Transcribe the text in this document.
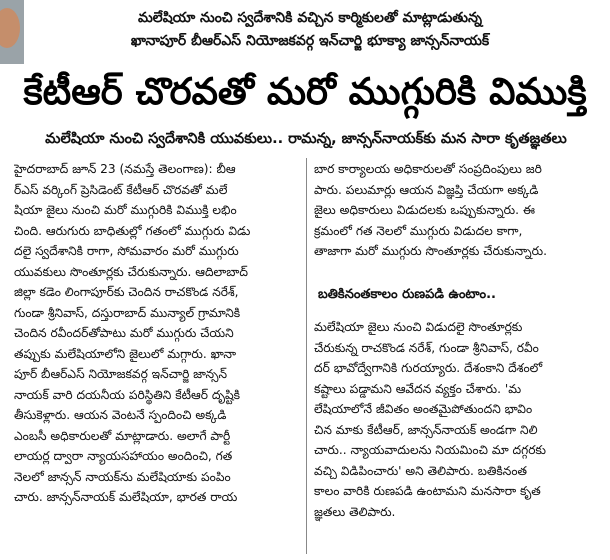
మలేషియా నుంచి స్వదేశానికి వచ్చిన కార్మికులతో మాట్లాడుతున్న
ఖానాపూర్ బీఆర్ఎస్ నియోజకవర్గ ఇన్‌చార్జి భూక్యా జాన్సన్‌నాయక్
కేటీఆర్ చొరవతో మరో ముగ్గురికి విముక్తి
మలేషియా నుంచి స్వదేశానికి యువకులు.. రామన్న, జాన్సన్‌నాయక్‌కు మన సారా కృతజ్ఞతలు

హైదరాబాద్ జూన్ 23 (నమస్తే తెలంగాణ): బీఆ

ర్ఎస్ వర్కింగ్ ప్రెసిడెంట్ కేటీఆర్ చొరవతో మలే

షియా జైలు నుంచి మరో ముగ్గురికి విముక్తి లభిం

చింది. ఆరుగురు బాధితుల్లో గతంలో ముగ్గురు విడు

దలై స్వదేశానికి రాగా, సోమవారం మరో ముగ్గురు

యువకులు సొంతూర్లకు చేరుకున్నారు. ఆదిలాబాద్

జిల్లా కడెం లింగాపూర్‌కు చెందిన రాచకొండ నరేశ్,

గుండా శ్రీనివాస్, దస్తురాబాద్ మున్యాల్ గ్రామానికి

చెందిన రవీందర్‌తోపాటు మరో ముగ్గురు చేయని

తప్పుకు మలేషియాలోని జైలులో మగ్గారు. ఖానా

పూర్ బీఆర్ఎస్ నియోజకవర్గ ఇన్‌చార్జి జాన్సన్

నాయక్ వారి దయనీయ పరిస్థితిని కేటీఆర్ దృష్టికి

తీసుకెళ్లారు. ఆయన వెంటనే స్పందించి అక్కడి

ఎంబసీ అధికారులతో మాట్లాడారు. అలాగే పార్టీ

లాయర్ల ద్వారా న్యాయసహాయం అందించి, గత

నెలలో జాన్సన్ నాయక్‌ను మలేషియాకు పంపిం

చారు. జాన్సన్‌నాయక్ మలేషియా, భారత రాయ

బార కార్యాలయ అధికారులతో సంప్రదింపులు జరి

పారు. పలుమార్లు ఆయన విజ్ఞప్తి చేయగా అక్కడి

జైలు అధికారులు విడుదలకు ఒప్పుకున్నారు. ఈ

క్రమంలో గత నెలలో ముగ్గురు విడుదల కాగా,

తాజాగా మరో ముగ్గురు సొంతూర్లకు చేరుకున్నారు.

బతికినంతకాలం రుణపడి ఉంటాం..

మలేషియా జైలు నుంచి విడుదలై సొంతూర్లకు

చేరుకున్న రాచకొండ నరేశ్, గుండా శ్రీనివాస్, రవీం

దర్ భావోద్వేగానికి గురయ్యారు. దేశంకాని దేశంలో

కష్టాలు పడ్డామని ఆవేదన వ్యక్తం చేశారు. 'మ

లేషియాలోనే జీవితం అంతమైపోతుందని భావిం

చిన మాకు కేటీఆర్, జాన్సన్‌నాయక్ అండగా నిలి

చారు.. న్యాయవాదులను నియమించి మా దగ్గరకు

వచ్చి విడిపించారు' అని తెలిపారు. బతికినంత

కాలం వారికి రుణపడి ఉంటామని మనసారా కృత

జ్ఞతలు తెలిపారు.
